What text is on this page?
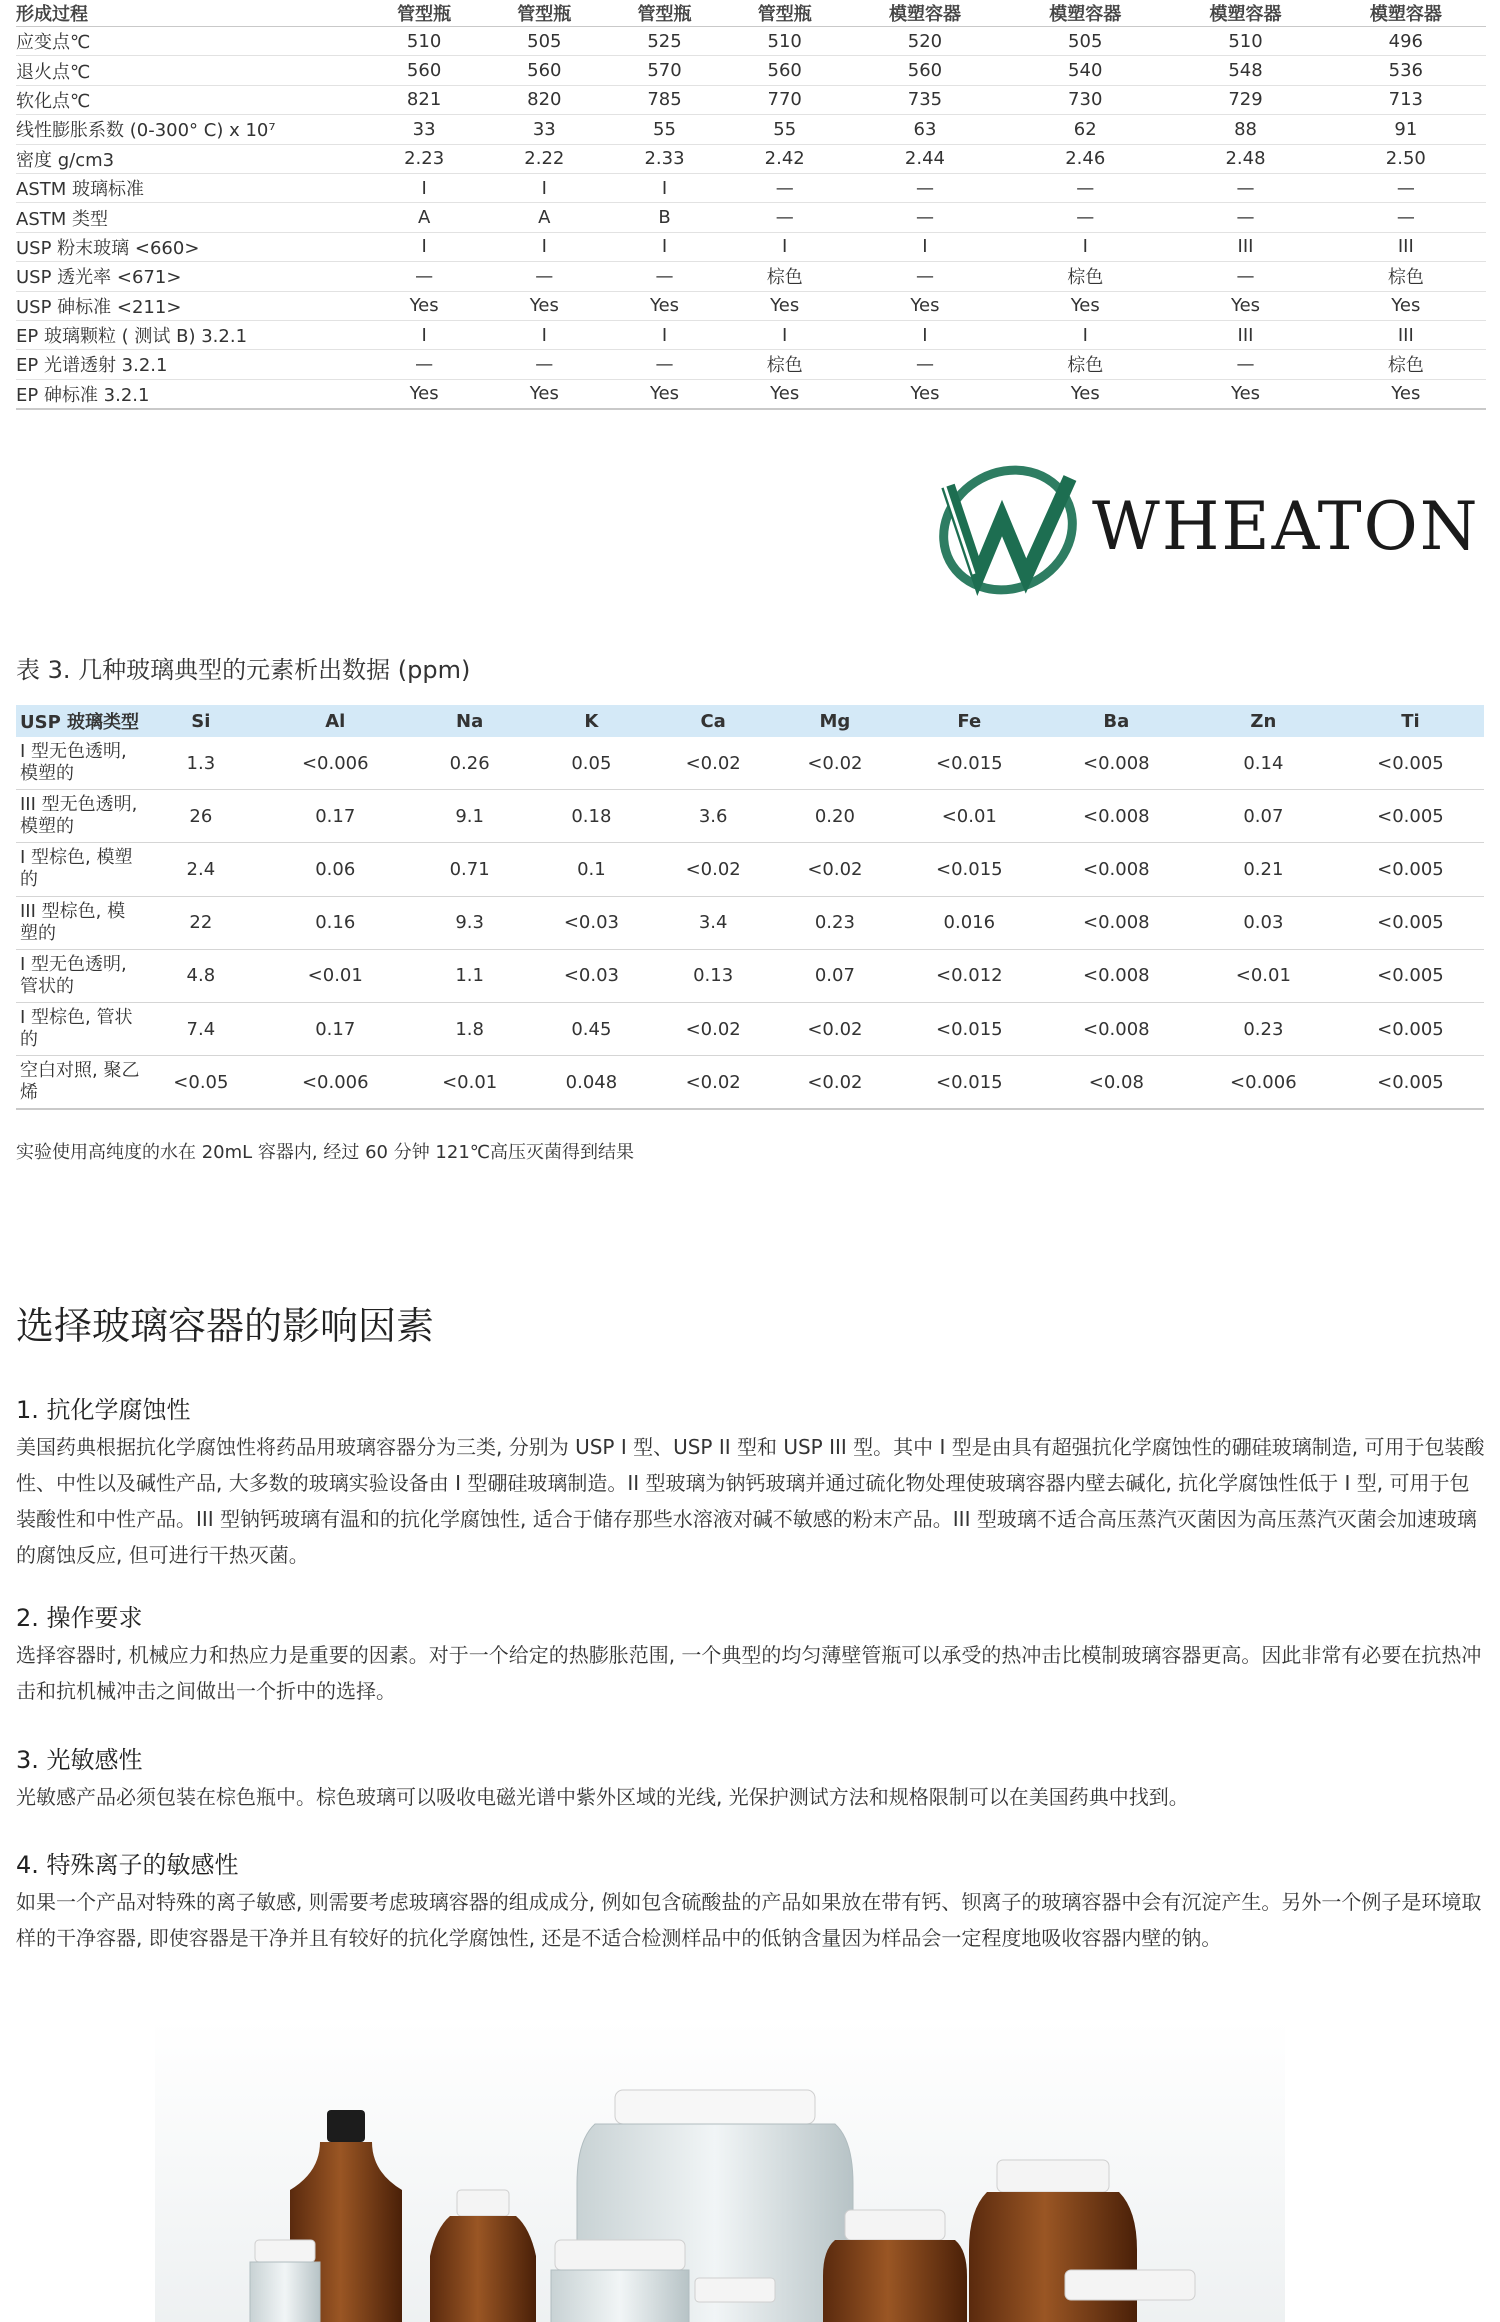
形成过程	管型瓶	管型瓶	管型瓶	管型瓶	模塑容器	模塑容器	模塑容器	模塑容器
应变点℃	510	505	525	510	520	505	510	496
退火点℃	560	560	570	560	560	540	548	536
软化点℃	821	820	785	770	735	730	729	713
线性膨胀系数 (0-300° C) x 10⁷	33	33	55	55	63	62	88	91
密度 g/cm3	2.23	2.22	2.33	2.42	2.44	2.46	2.48	2.50
ASTM 玻璃标准	I	I	I	—	—	—	—	—
ASTM 类型	A	A	B	—	—	—	—	—
USP 粉末玻璃 <660>	I	I	I	I	I	I	III	III
USP 透光率 <671>	—	—	—	棕色	—	棕色	—	棕色
USP 砷标准 <211>	Yes	Yes	Yes	Yes	Yes	Yes	Yes	Yes
EP 玻璃颗粒 ( 测试 B) 3.2.1	I	I	I	I	I	I	III	III
EP 光谱透射 3.2.1	—	—	—	棕色	—	棕色	—	棕色
EP 砷标准 3.2.1	Yes	Yes	Yes	Yes	Yes	Yes	Yes	Yes
WHEATON
表 3. 几种玻璃典型的元素析出数据 (ppm)
USP 玻璃类型	Si	Al	Na	K	Ca	Mg	Fe	Ba	Zn	Ti
I 型无色透明, 模塑的	1.3	<0.006	0.26	0.05	<0.02	<0.02	<0.015	<0.008	0.14	<0.005
III 型无色透明, 模塑的	26	0.17	9.1	0.18	3.6	0.20	<0.01	<0.008	0.07	<0.005
I 型棕色, 模塑的	2.4	0.06	0.71	0.1	<0.02	<0.02	<0.015	<0.008	0.21	<0.005
III 型棕色, 模塑的	22	0.16	9.3	<0.03	3.4	0.23	0.016	<0.008	0.03	<0.005
I 型无色透明, 管状的	4.8	<0.01	1.1	<0.03	0.13	0.07	<0.012	<0.008	<0.01	<0.005
I 型棕色, 管状的	7.4	0.17	1.8	0.45	<0.02	<0.02	<0.015	<0.008	0.23	<0.005
空白对照, 聚乙烯	<0.05	<0.006	<0.01	0.048	<0.02	<0.02	<0.015	<0.08	<0.006	<0.005
实验使用高纯度的水在 20mL 容器内, 经过 60 分钟 121℃高压灭菌得到结果
选择玻璃容器的影响因素
1. 抗化学腐蚀性

美国药典根据抗化学腐蚀性将药品用玻璃容器分为三类, 分别为 USP I 型、USP II 型和 USP III 型。其中 I 型是由具有超强抗化学腐蚀性的硼硅玻璃制造, 可用于包装酸性、中性以及碱性产品, 大多数的玻璃实验设备由 I 型硼硅玻璃制造。II 型玻璃为钠钙玻璃并通过硫化物处理使玻璃容器内壁去碱化, 抗化学腐蚀性低于 I 型, 可用于包装酸性和中性产品。III 型钠钙玻璃有温和的抗化学腐蚀性, 适合于储存那些水溶液对碱不敏感的粉末产品。III 型玻璃不适合高压蒸汽灭菌因为高压蒸汽灭菌会加速玻璃的腐蚀反应, 但可进行干热灭菌。

2. 操作要求

选择容器时, 机械应力和热应力是重要的因素。对于一个给定的热膨胀范围, 一个典型的均匀薄壁管瓶可以承受的热冲击比模制玻璃容器更高。因此非常有必要在抗热冲击和抗机械冲击之间做出一个折中的选择。

3. 光敏感性

光敏感产品必须包装在棕色瓶中。棕色玻璃可以吸收电磁光谱中紫外区域的光线, 光保护测试方法和规格限制可以在美国药典中找到。

4. 特殊离子的敏感性

如果一个产品对特殊的离子敏感, 则需要考虑玻璃容器的组成成分, 例如包含硫酸盐的产品如果放在带有钙、钡离子的玻璃容器中会有沉淀产生。另外一个例子是环境取样的干净容器, 即使容器是干净并且有较好的抗化学腐蚀性, 还是不适合检测样品中的低钠含量因为样品会一定程度地吸收容器内壁的钠。
